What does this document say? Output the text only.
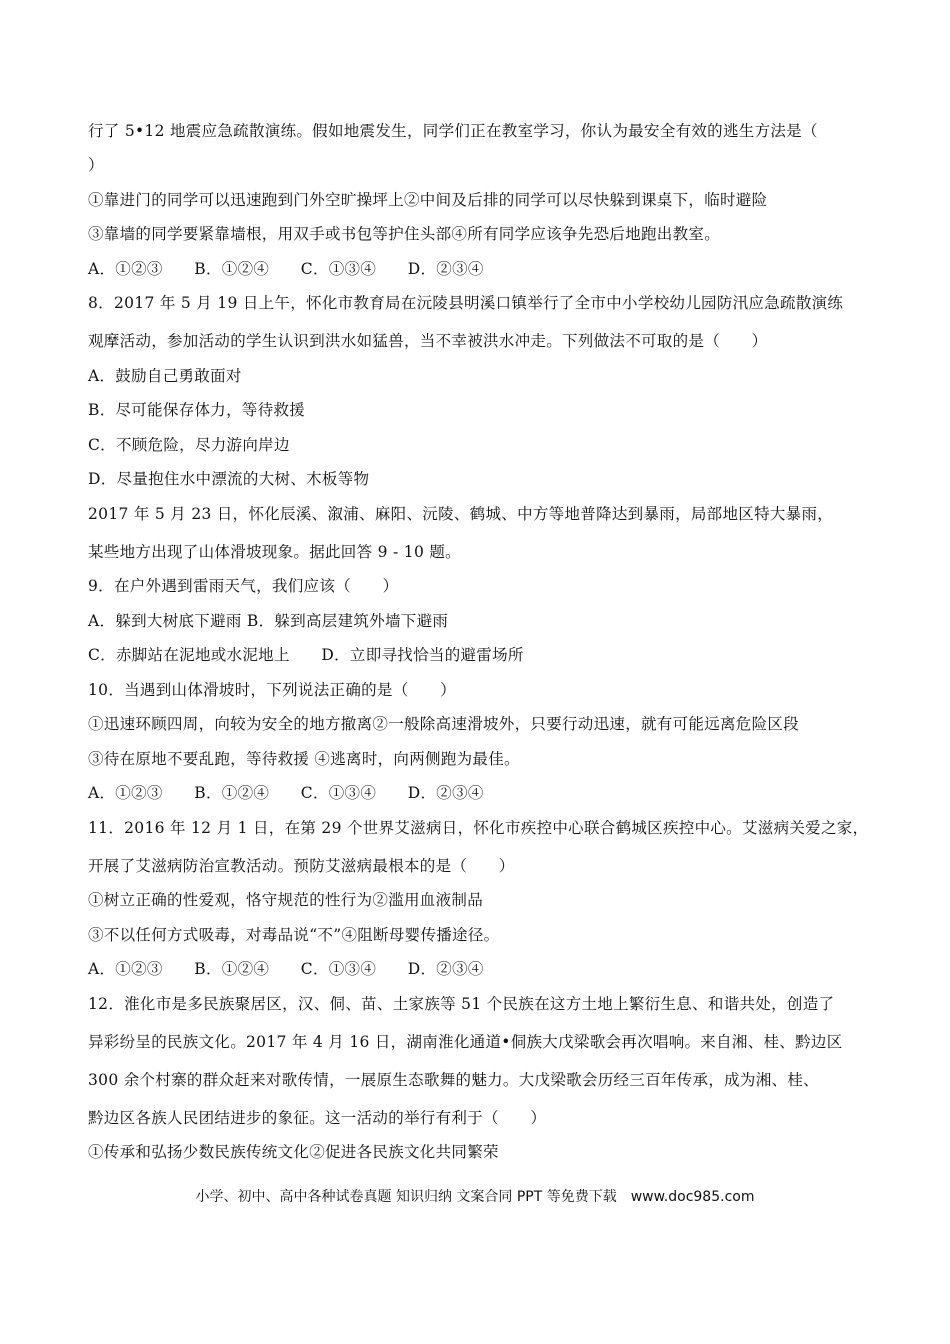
行了 5•12 地震应急疏散演练。假如地震发生，同学们正在教室学习，你认为最安全有效的逃生方法是（
）
①靠进门的同学可以迅速跑到门外空旷操坪上②中间及后排的同学可以尽快躲到课桌下，临时避险
③靠墙的同学要紧靠墙根，用双手或书包等护住头部④所有同学应该争先恐后地跑出教室。
A．①②③　　B．①②④　　C．①③④　　D．②③④
8．2017 年 5 月 19 日上午，怀化市教育局在沅陵县明溪口镇举行了全市中小学校幼儿园防汛应急疏散演练
观摩活动，参加活动的学生认识到洪水如猛兽，当不幸被洪水冲走。下列做法不可取的是（　　）
A．鼓励自己勇敢面对
B．尽可能保存体力，等待救援
C．不顾危险，尽力游向岸边
D．尽量抱住水中漂流的大树、木板等物
2017 年 5 月 23 日，怀化辰溪、溆浦、麻阳、沅陵、鹤城、中方等地普降达到暴雨，局部地区特大暴雨，
某些地方出现了山体滑坡现象。据此回答 9 - 10 题。
9．在户外遇到雷雨天气，我们应该（　　）
A．躲到大树底下避雨 B．躲到高层建筑外墙下避雨
C．赤脚站在泥地或水泥地上　　D．立即寻找恰当的避雷场所
10．当遇到山体滑坡时，下列说法正确的是（　　）
①迅速环顾四周，向较为安全的地方撤离②一般除高速滑坡外，只要行动迅速，就有可能远离危险区段
③待在原地不要乱跑，等待救援 ④逃离时，向两侧跑为最佳。
A．①②③　　B．①②④　　C．①③④　　D．②③④
11．2016 年 12 月 1 日，在第 29 个世界艾滋病日，怀化市疾控中心联合鹤城区疾控中心。艾滋病关爱之家，
开展了艾滋病防治宣教活动。预防艾滋病最根本的是（　　）
①树立正确的性爱观，恪守规范的性行为②滥用血液制品
③不以任何方式吸毒，对毒品说“不”④阻断母婴传播途径。
A．①②③　　B．①②④　　C．①③④　　D．②③④
12．淮化市是多民族聚居区，汉、侗、苗、土家族等 51 个民族在这方土地上繁衍生息、和谐共处，创造了
异彩纷呈的民族文化。2017 年 4 月 16 日，湖南淮化通道•侗族大戊梁歌会再次唱响。来自湘、桂、黔边区
300 余个村寨的群众赶来对歌传情，一展原生态歌舞的魅力。大戊梁歌会历经三百年传承，成为湘、桂、
黔边区各族人民团结进步的象征。这一活动的举行有利于（　　）
①传承和弘扬少数民族传统文化②促进各民族文化共同繁荣
小学、初中、高中各种试卷真题 知识归纳 文案合同 PPT 等免费下载　www.doc985.com
